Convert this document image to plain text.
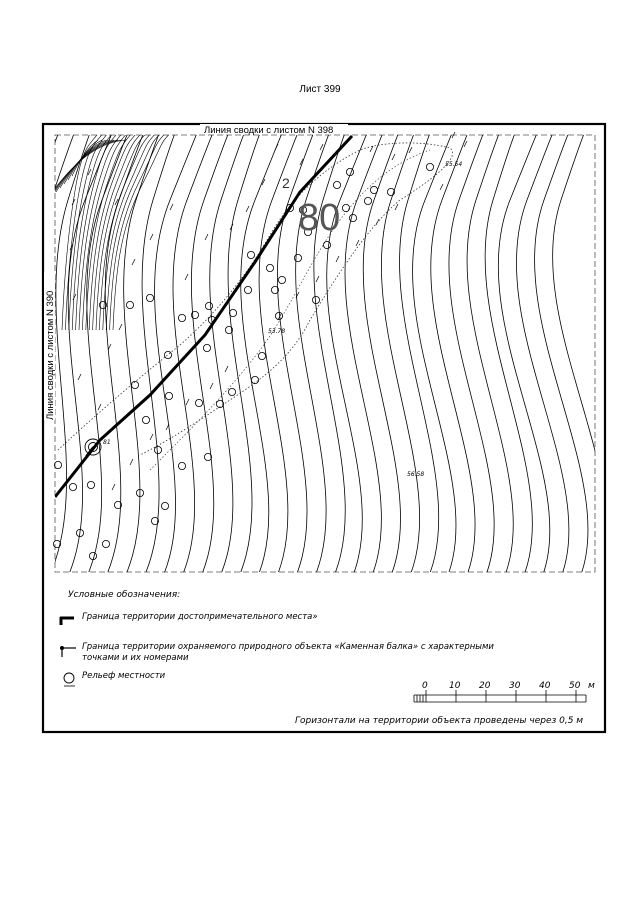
Лист 399
Линия сводки с листом N 398
Линия сводки с листом N 390
80
2
81
55.54
53.78
56.58
Условные обозначения:
Граница территории достопримечательного места»
Граница территории охраняемого природного объекта «Каменная балка» с характерными
точками и их номерами
Рельеф местности
0 10 20 30 40 50 м
Горизонтали на территории объекта проведены через 0,5 м
